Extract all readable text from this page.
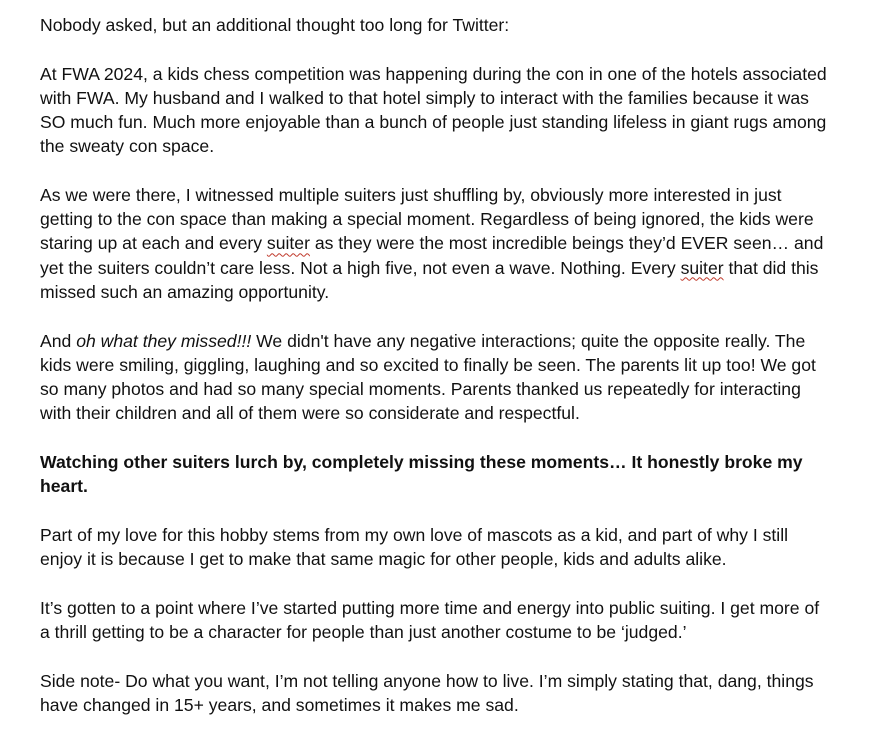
Nobody asked, but an additional thought too long for Twitter:

At FWA 2024, a kids chess competition was happening during the con in one of the hotels associated with FWA. My husband and I walked to that hotel simply to interact with the families because it was SO much fun. Much more enjoyable than a bunch of people just standing lifeless in giant rugs among the sweaty con space.

As we were there, I witnessed multiple suiters just shuffling by, obviously more interested in just getting to the con space than making a special moment. Regardless of being ignored, the kids were staring up at each and every suiter as they were the most incredible beings they’d EVER seen… and yet the suiters couldn’t care less. Not a high five, not even a wave. Nothing. Every suiter that did this missed such an amazing opportunity.

And oh what they missed!!! We didn't have any negative interactions; quite the opposite really. The kids were smiling, giggling, laughing and so excited to finally be seen. The parents lit up too! We got so many photos and had so many special moments. Parents thanked us repeatedly for interacting with their children and all of them were so considerate and respectful.

Watching other suiters lurch by, completely missing these moments… It honestly broke my heart.

Part of my love for this hobby stems from my own love of mascots as a kid, and part of why I still enjoy it is because I get to make that same magic for other people, kids and adults alike.

It’s gotten to a point where I’ve started putting more time and energy into public suiting. I get more of a thrill getting to be a character for people than just another costume to be ‘judged.’

Side note- Do what you want, I’m not telling anyone how to live. I’m simply stating that, dang, things have changed in 15+ years, and sometimes it makes me sad.
